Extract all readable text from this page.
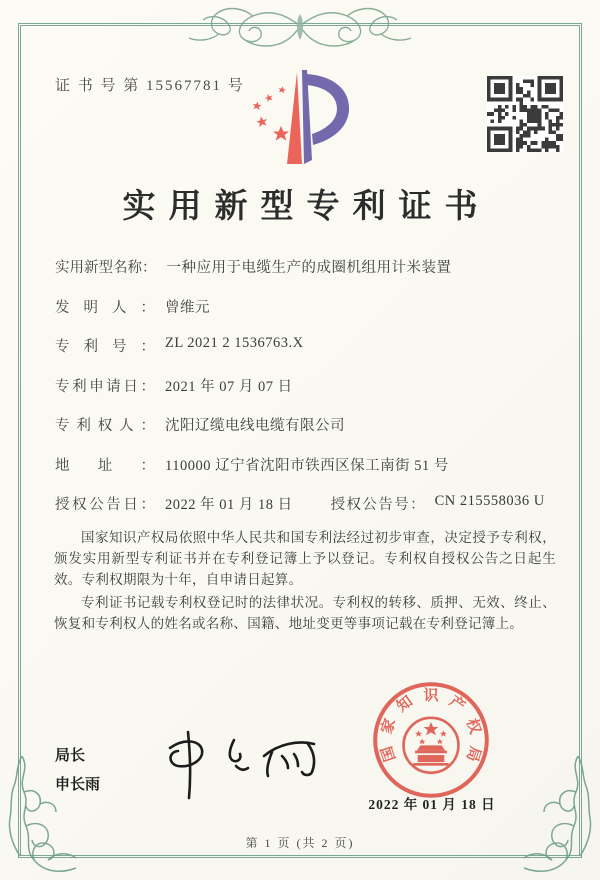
证 书 号 第 15567781 号
实用新型专利证书
实用新型名称： 一种应用于电缆生产的成圈机组用计米装置
发明人： 曾维元
专利号： ZL 2021 2 1536763.X
专利申请日： 2021 年 07 月 07 日
专利权人： 沈阳辽缆电线电缆有限公司
地址： 110000 辽宁省沈阳市铁西区保工南街 51 号
授权公告日： 2022 年 01 月 18 日	授权公告号： CN 215558036 U

国家知识产权局依照中华人民共和国专利法经过初步审查，决定授予专利权，颁发实用新型专利证书并在专利登记簿上予以登记。专利权自授权公告之日起生效。专利权期限为十年，自申请日起算。

专利证书记载专利权登记时的法律状况。专利权的转移、质押、无效、终止、恢复和专利权人的姓名或名称、国籍、地址变更等事项记载在专利登记簿上。

局长
申长雨
国
家
知 识 产
权
局
2022 年 01 月 18 日
第 1 页 (共 2 页)
